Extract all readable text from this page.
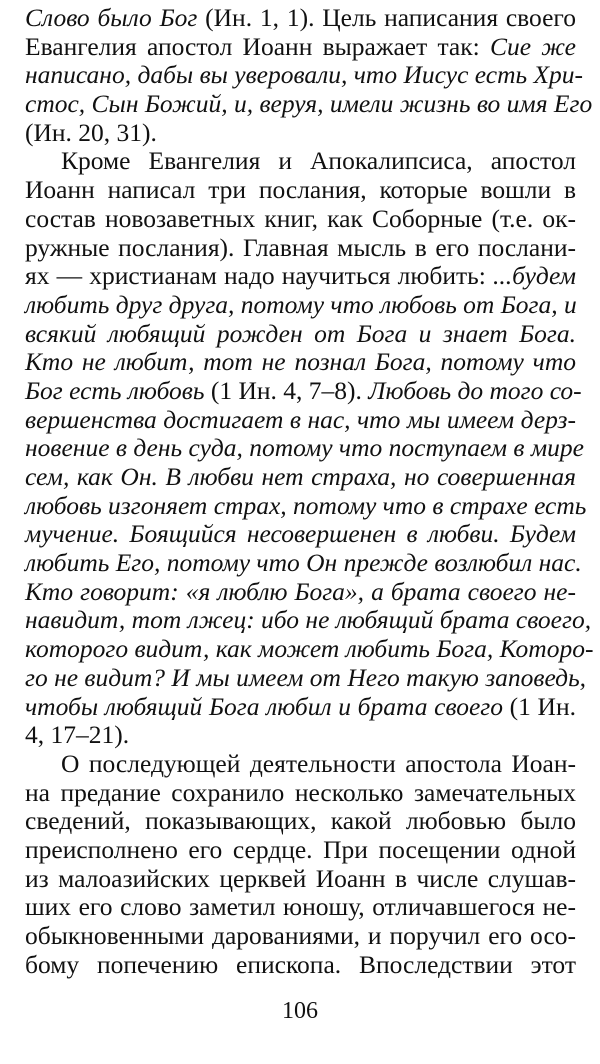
Слово было Бог (Ин. 1, 1). Цель написания своего
Евангелия апостол Иоанн выражает так: Сие же
написано, дабы вы уверовали, что Иисус есть Хри-
стос, Сын Божий, и, веруя, имели жизнь во имя Его
(Ин. 20, 31).
Кроме Евангелия и Апокалипсиса, апостол
Иоанн написал три послания, которые вошли в
состав новозаветных книг, как Соборные (т.е. ок-
ружные послания). Главная мысль в его послани-
ях — христианам надо научиться любить: ...будем
любить друг друга, потому что любовь от Бога, и
всякий любящий рожден от Бога и знает Бога.
Кто не любит, тот не познал Бога, потому что
Бог есть любовь (1 Ин. 4, 7–8). Любовь до того со-
вершенства достигает в нас, что мы имеем дерз-
новение в день суда, потому что поступаем в мире
сем, как Он. В любви нет страха, но совершенная
любовь изгоняет страх, потому что в страхе есть
мучение. Боящийся несовершенен в любви. Будем
любить Его, потому что Он прежде возлюбил нас.
Кто говорит: «я люблю Бога», а брата своего не-
навидит, тот лжец: ибо не любящий брата своего,
которого видит, как может любить Бога, Которо-
го не видит? И мы имеем от Него такую заповедь,
чтобы любящий Бога любил и брата своего (1 Ин.
4, 17–21).
О последующей деятельности апостола Иоан-
на предание сохранило несколько замечательных
сведений, показывающих, какой любовью было
преисполнено его сердце. При посещении одной
из малоазийских церквей Иоанн в числе слушав-
ших его слово заметил юношу, отличавшегося не-
обыкновенными дарованиями, и поручил его осо-
бому попечению епископа. Впоследствии этот
106
